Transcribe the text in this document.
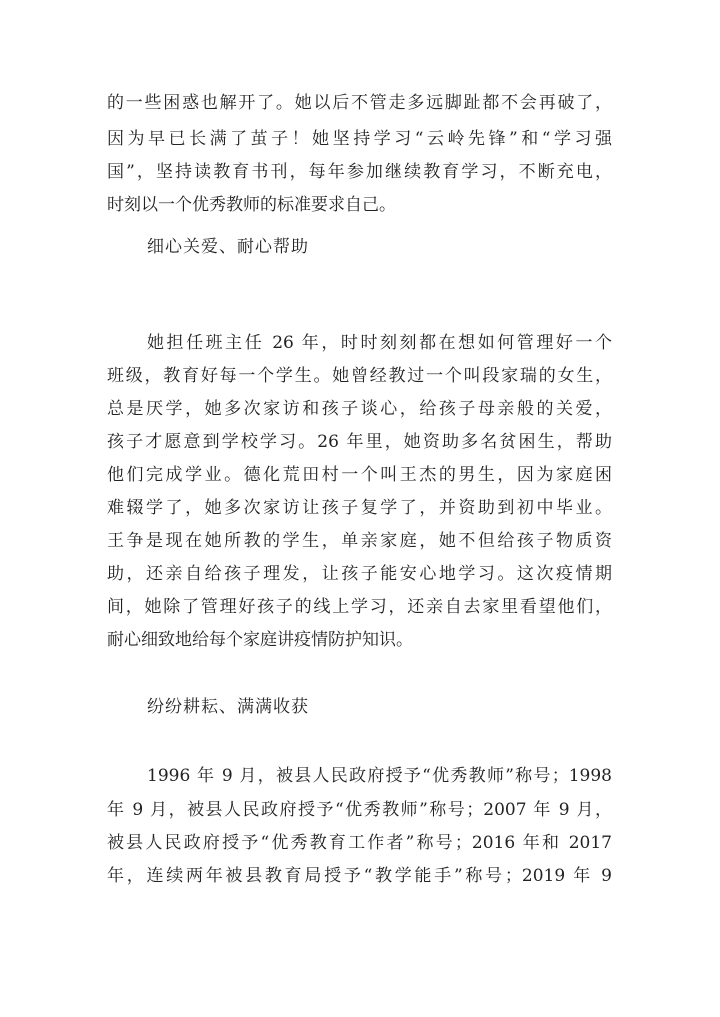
的一些困惑也解开了。她以后不管走多远脚趾都不会再破了，
因为早已长满了茧子！她坚持学习“云岭先锋”和“学习强
国”，坚持读教育书刊，每年参加继续教育学习，不断充电，
时刻以一个优秀教师的标准要求自己。
细心关爱、耐心帮助
她担任班主任 26 年，时时刻刻都在想如何管理好一个
班级，教育好每一个学生。她曾经教过一个叫段家瑞的女生，
总是厌学，她多次家访和孩子谈心，给孩子母亲般的关爱，
孩子才愿意到学校学习。26 年里，她资助多名贫困生，帮助
他们完成学业。德化荒田村一个叫王杰的男生，因为家庭困
难辍学了，她多次家访让孩子复学了，并资助到初中毕业。
王争是现在她所教的学生，单亲家庭，她不但给孩子物质资
助，还亲自给孩子理发，让孩子能安心地学习。这次疫情期
间，她除了管理好孩子的线上学习，还亲自去家里看望他们，
耐心细致地给每个家庭讲疫情防护知识。
纷纷耕耘、满满收获
1996 年 9 月，被县人民政府授予“优秀教师”称号；1998
年 9 月，被县人民政府授予“优秀教师”称号；2007 年 9 月，
被县人民政府授予“优秀教育工作者”称号；2016 年和 2017
年，连续两年被县教育局授予“教学能手”称号；2019 年 9
